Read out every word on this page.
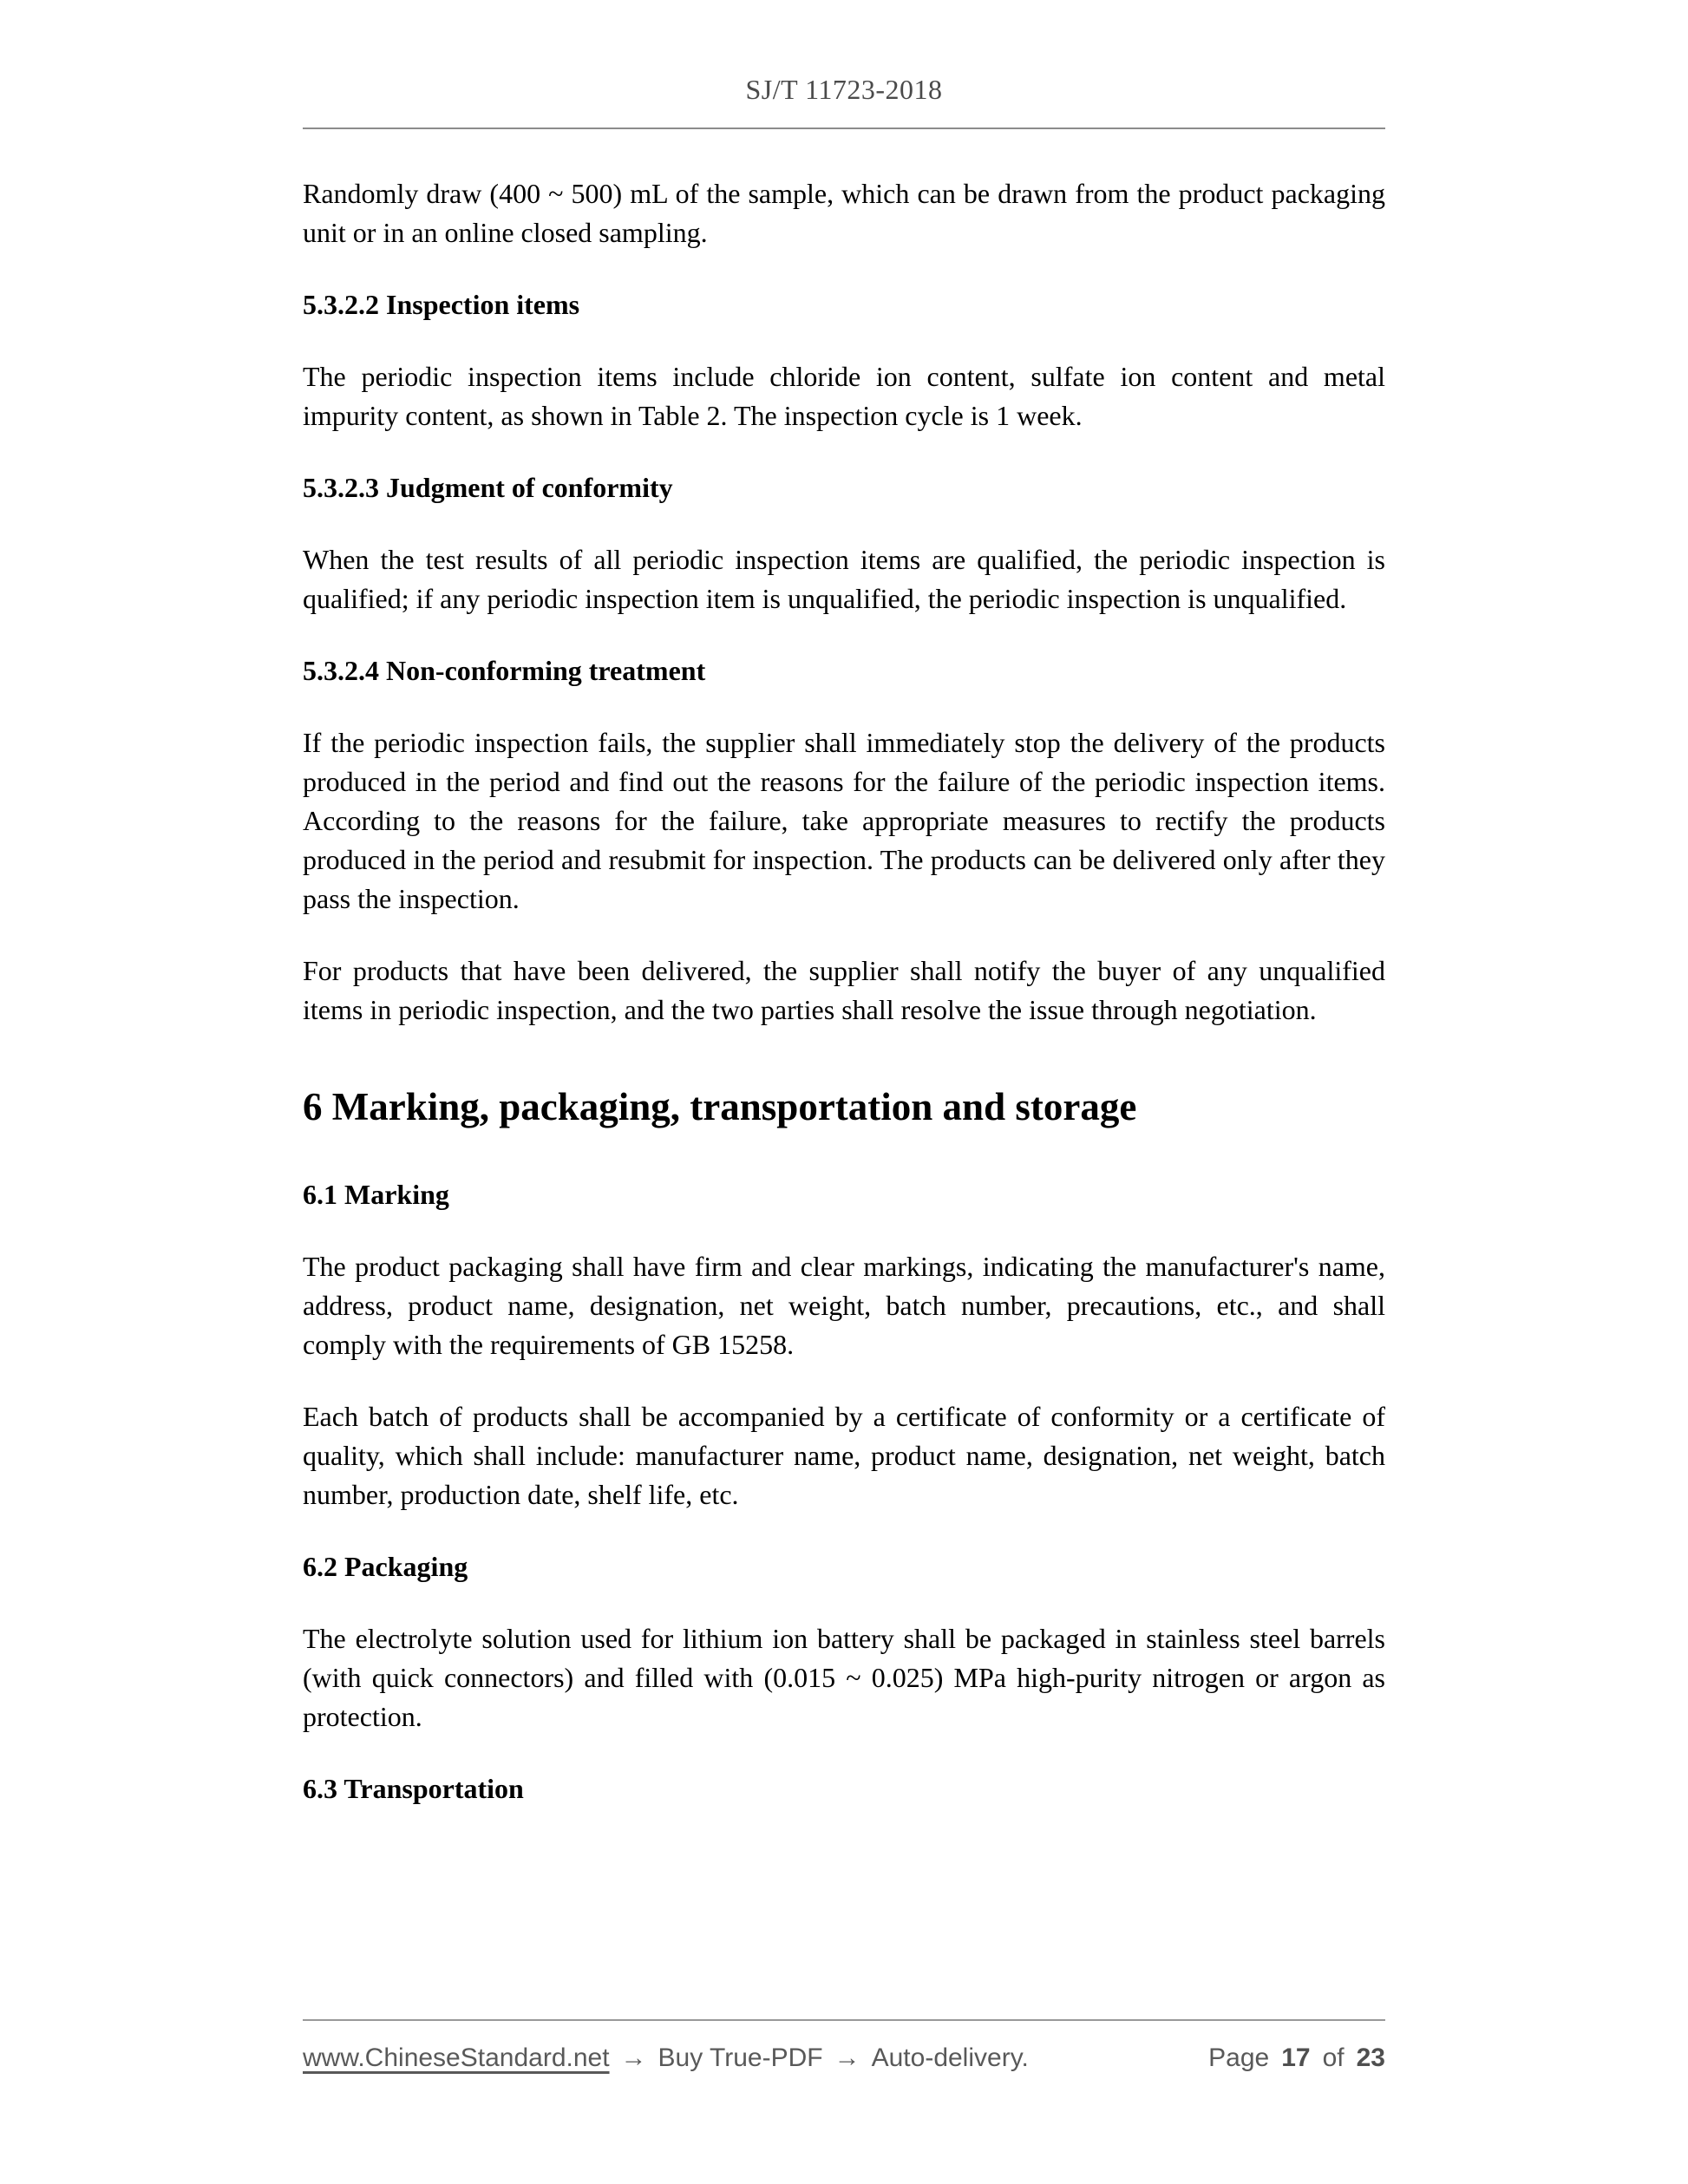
SJ/T 11723-2018

Randomly draw (400 ~ 500) mL of the sample, which can be drawn from the product packaging unit or in an online closed sampling.

5.3.2.2 Inspection items

The periodic inspection items include chloride ion content, sulfate ion content and metal impurity content, as shown in Table 2. The inspection cycle is 1 week.

5.3.2.3 Judgment of conformity

When the test results of all periodic inspection items are qualified, the periodic inspection is qualified; if any periodic inspection item is unqualified, the periodic inspection is unqualified.

5.3.2.4 Non-conforming treatment

If the periodic inspection fails, the supplier shall immediately stop the delivery of the products produced in the period and find out the reasons for the failure of the periodic inspection items. According to the reasons for the failure, take appropriate measures to rectify the products produced in the period and resubmit for inspection. The products can be delivered only after they pass the inspection.

For products that have been delivered, the supplier shall notify the buyer of any unqualified items in periodic inspection, and the two parties shall resolve the issue through negotiation.

6 Marking, packaging, transportation and storage
6.1 Marking

The product packaging shall have firm and clear markings, indicating the manufacturer's name, address, product name, designation, net weight, batch number, precautions, etc., and shall comply with the requirements of GB 15258.

Each batch of products shall be accompanied by a certificate of conformity or a certificate of quality, which shall include: manufacturer name, product name, designation, net weight, batch number, production date, shelf life, etc.

6.2 Packaging

The electrolyte solution used for lithium ion battery shall be packaged in stainless steel barrels (with quick connectors) and filled with (0.015 ~ 0.025) MPa high-purity nitrogen or argon as protection.

6.3 Transportation
www.ChineseStandard.net → Buy True-PDF → Auto-delivery.	Page 17 of 23
